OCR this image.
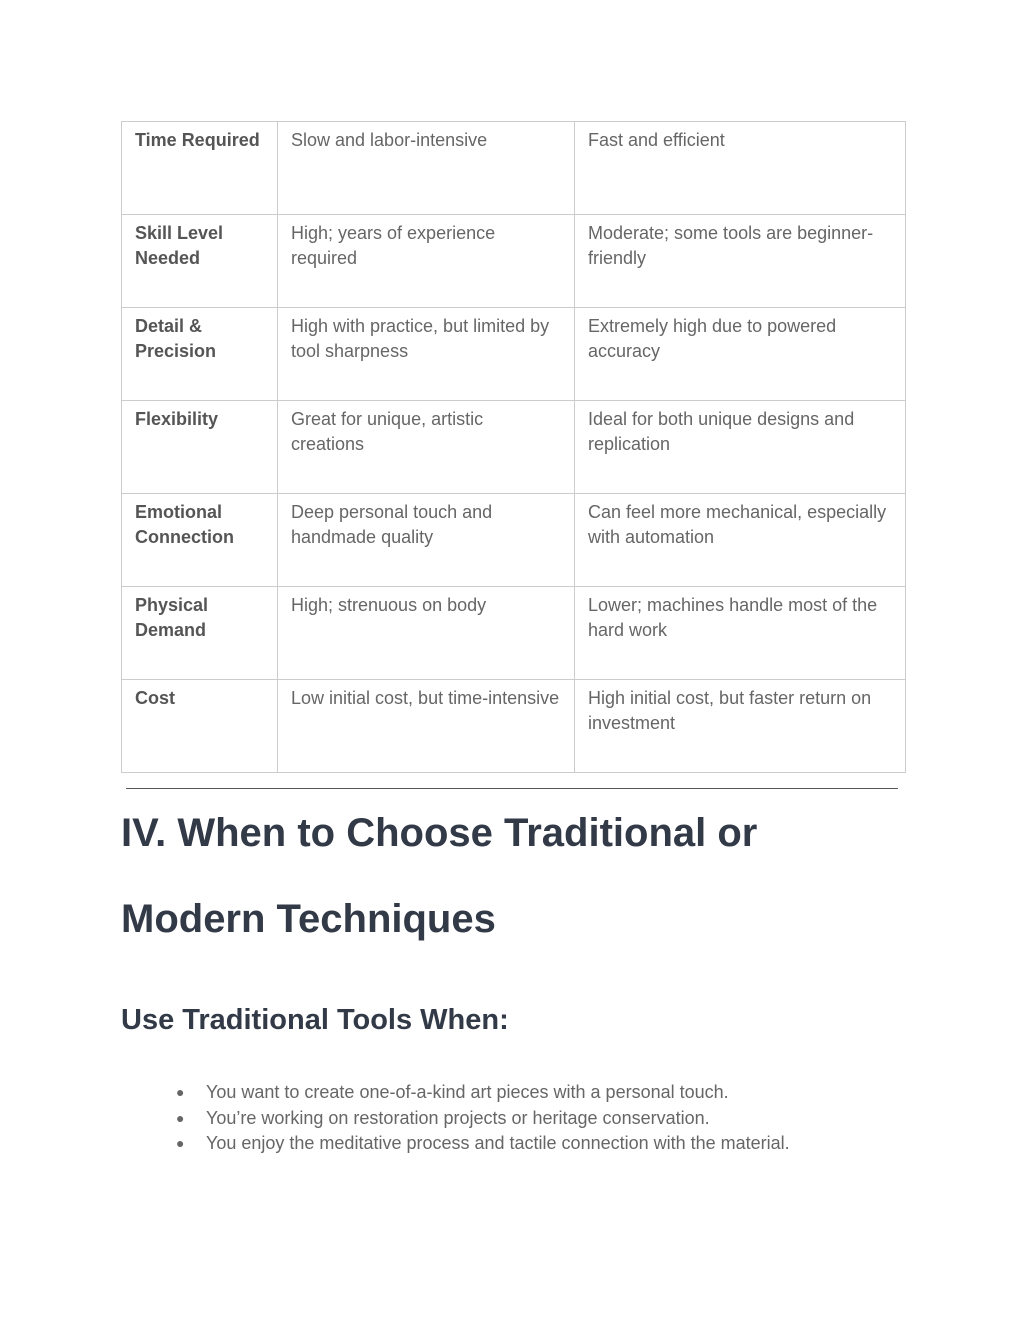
Time Required	Slow and labor-intensive	Fast and efficient
Skill Level Needed	High; years of experience required	Moderate; some tools are beginner-friendly
Detail & Precision	High with practice, but limited by tool sharpness	Extremely high due to powered accuracy
Flexibility	Great for unique, artistic creations	Ideal for both unique designs and replication
Emotional Connection	Deep personal touch and handmade quality	Can feel more mechanical, especially with automation
Physical Demand	High; strenuous on body	Lower; machines handle most of the hard work
Cost	Low initial cost, but time-intensive	High initial cost, but faster return on investment
IV. When to Choose Traditional or Modern Techniques
Use Traditional Tools When:
● You want to create one-of-a-kind art pieces with a personal touch.
● You’re working on restoration projects or heritage conservation.
● You enjoy the meditative process and tactile connection with the material.
